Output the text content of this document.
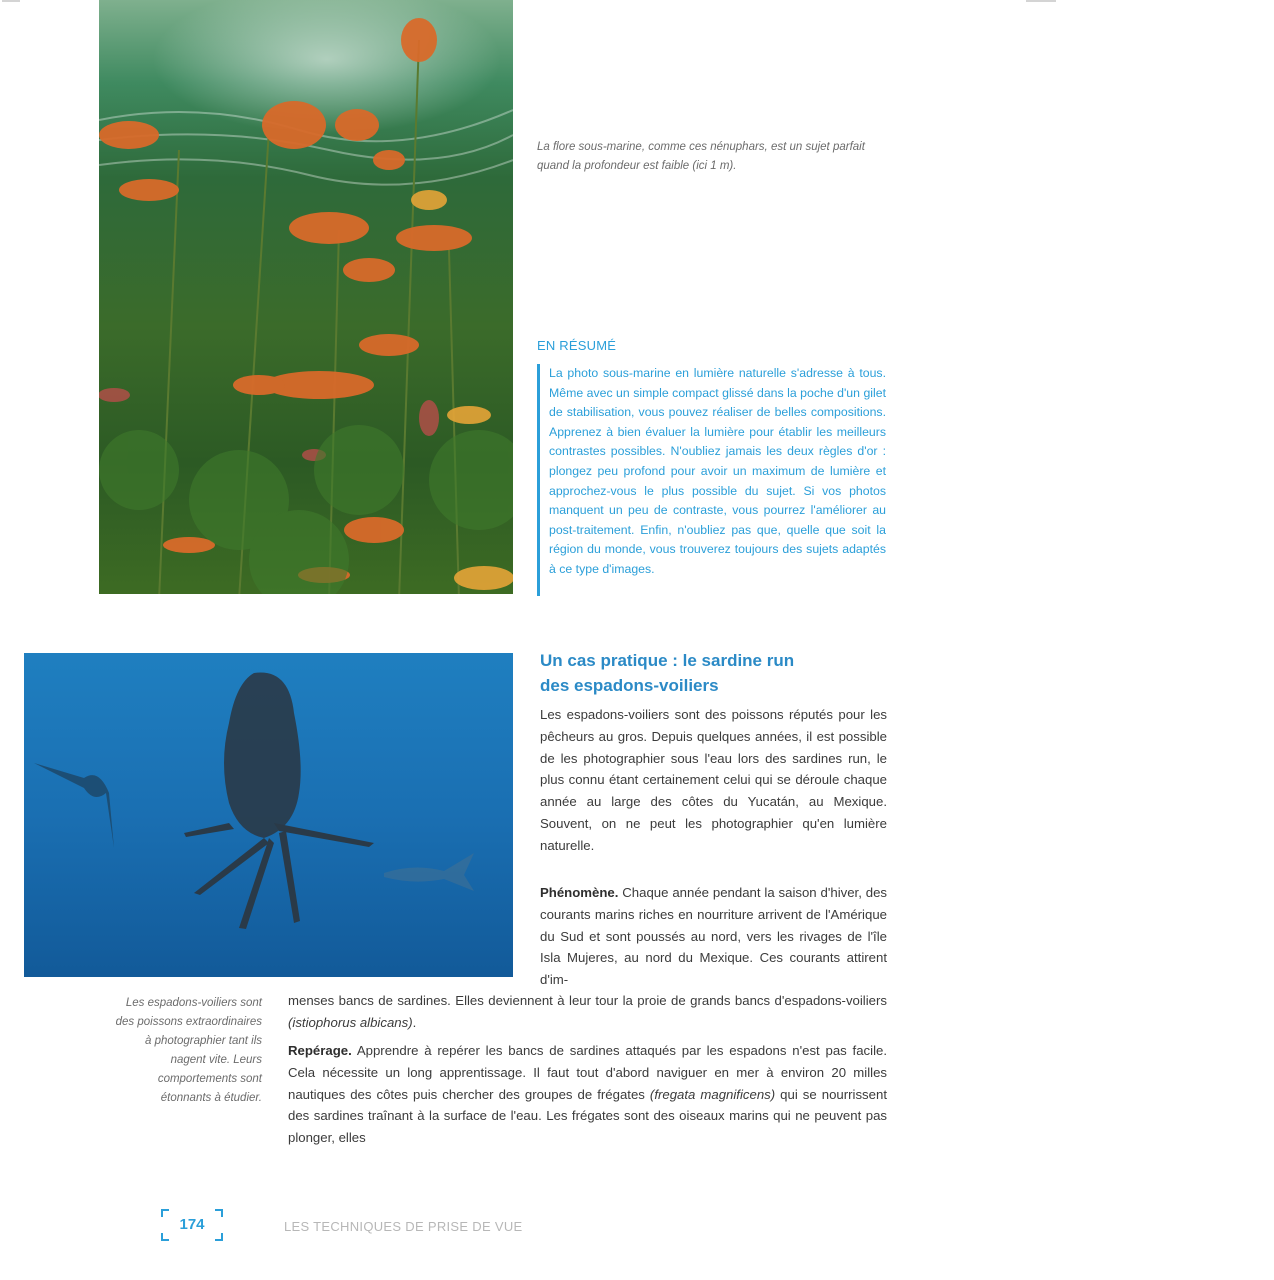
La flore sous-marine, comme ces nénuphars, est un sujet parfait quand la profondeur est faible (ici 1 m).
EN RÉSUMÉ
La photo sous-marine en lumière naturelle s'adresse à tous. Même avec un simple compact glissé dans la poche d'un gilet de stabilisation, vous pouvez réaliser de belles compositions. Apprenez à bien évaluer la lumière pour établir les meilleurs contrastes possibles. N'oubliez jamais les deux règles d'or : plongez peu profond pour avoir un maximum de lumière et approchez-vous le plus possible du sujet. Si vos photos manquent un peu de contraste, vous pourrez l'améliorer au post-traitement. Enfin, n'oubliez pas que, quelle que soit la région du monde, vous trouverez toujours des sujets adaptés à ce type d'images.
Un cas pratique : le sardine run
des espadons-voiliers
Les espadons-voiliers sont des poissons réputés pour les pêcheurs au gros. Depuis quelques années, il est possible de les photographier sous l'eau lors des sardines run, le plus connu étant certainement celui qui se déroule chaque année au large des côtes du Yucatán, au Mexique. Souvent, on ne peut les photographier qu'en lumière naturelle.
Phénomène. Chaque année pendant la saison d'hiver, des courants marins riches en nourriture arrivent de l'Amérique du Sud et sont poussés au nord, vers les rivages de l'île Isla Mujeres, au nord du Mexique. Ces courants attirent d'im-
menses bancs de sardines. Elles deviennent à leur tour la proie de grands bancs d'espadons-voiliers (istiophorus albicans).
Repérage. Apprendre à repérer les bancs de sardines attaqués par les espadons n'est pas facile. Cela nécessite un long apprentissage. Il faut tout d'abord naviguer en mer à environ 20 milles nautiques des côtes puis chercher des groupes de frégates (fregata magnificens) qui se nourrissent des sardines traînant à la surface de l'eau. Les frégates sont des oiseaux marins qui ne peuvent pas plonger, elles
Les espadons-voiliers sont des poissons extraordinaires à photographier tant ils nagent vite. Leurs comportements sont étonnants à étudier.
174	LES TECHNIQUES DE PRISE DE VUE
